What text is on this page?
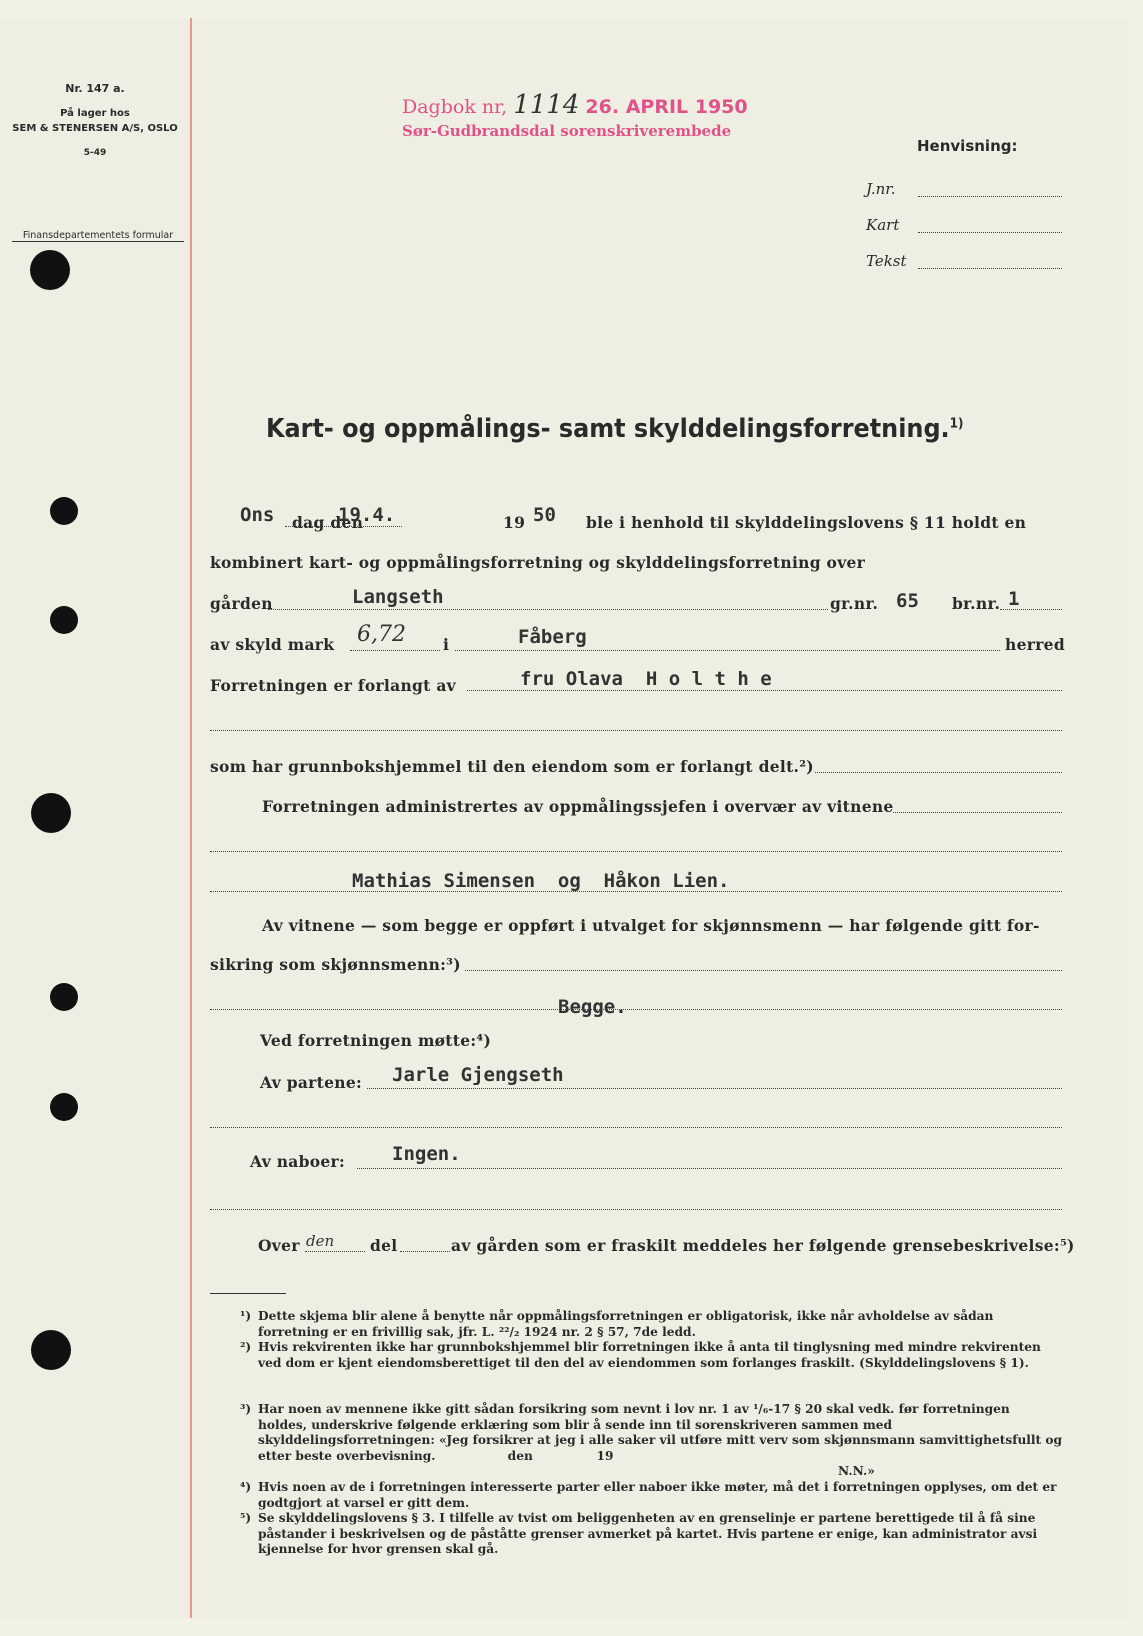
Nr. 147 a.
På lager hos
SEM & STENERSEN A/S, OSLO
5-49
Finansdepartementets formular
Dagbok nr, 1114 26. APRIL 1950
Sør-Gudbrandsdal sorenskriverembede
Henvisning:
J.nr.
Kart
Tekst
Kart- og oppmålings- samt skylddelingsforretning.$^{1)}$
Ons dag den
19.4.	19 50 ble i henhold til skylddelingslovens § 11 holdt en
kombinert kart- og oppmålingsforretning og skylddelingsforretning over
gården	Langseth	gr.nr. 65 br.nr. 1
av skyld mark 6,72 i	Fåberg	herred
Forretningen er forlangt av	fru Olava  H o l t h e
som har grunnbokshjemmel til den eiendom som er forlangt delt.²)
Forretningen administrertes av oppmålingssjefen i overvær av vitnene
Mathias Simensen  og  Håkon Lien.
Av vitnene — som begge er oppført i utvalget for skjønnsmenn — har følgende gitt for-
sikring som skjønnsmenn:³)
Begge.
Ved forretningen møtte:⁴)
Av partene: Jarle Gjengseth
Av naboer: Ingen.
Over den del	av gården som er fraskilt meddeles her følgende grensebeskrivelse:⁵)
¹) Dette skjema blir alene å benytte når oppmålingsforretningen er obligatorisk, ikke når avholdelse av sådan forretning er en frivillig sak, jfr. L. ²²/₂ 1924 nr. 2 § 57, 7de ledd.
²) Hvis rekvirenten ikke har grunnbokshjemmel blir forretningen ikke å anta til tinglysning med mindre rekvirenten ved dom er kjent eiendomsberettiget til den del av eiendommen som forlanges fraskilt. (Skylddelingslovens § 1).
³) Har noen av mennene ikke gitt sådan forsikring som nevnt i lov nr. 1 av ¹/₆-17 § 20 skal vedk. før forretningen holdes, underskrive følgende erklæring som blir å sende inn til sorenskriveren sammen med skylddelingsforretningen: «Jeg forsikrer at jeg i alle saker vil utføre mitt verv som skjønnsmann samvittighetsfullt og etter beste overbevisning.                 den               19
N.N.»
⁴) Hvis noen av de i forretningen interesserte parter eller naboer ikke møter, må det i forretningen opplyses, om det er godtgjort at varsel er gitt dem.
⁵) Se skylddelingslovens § 3. I tilfelle av tvist om beliggenheten av en grenselinje er partene berettigede til å få sine påstander i beskrivelsen og de påståtte grenser avmerket på kartet. Hvis partene er enige, kan administrator avsi kjennelse for hvor grensen skal gå.
